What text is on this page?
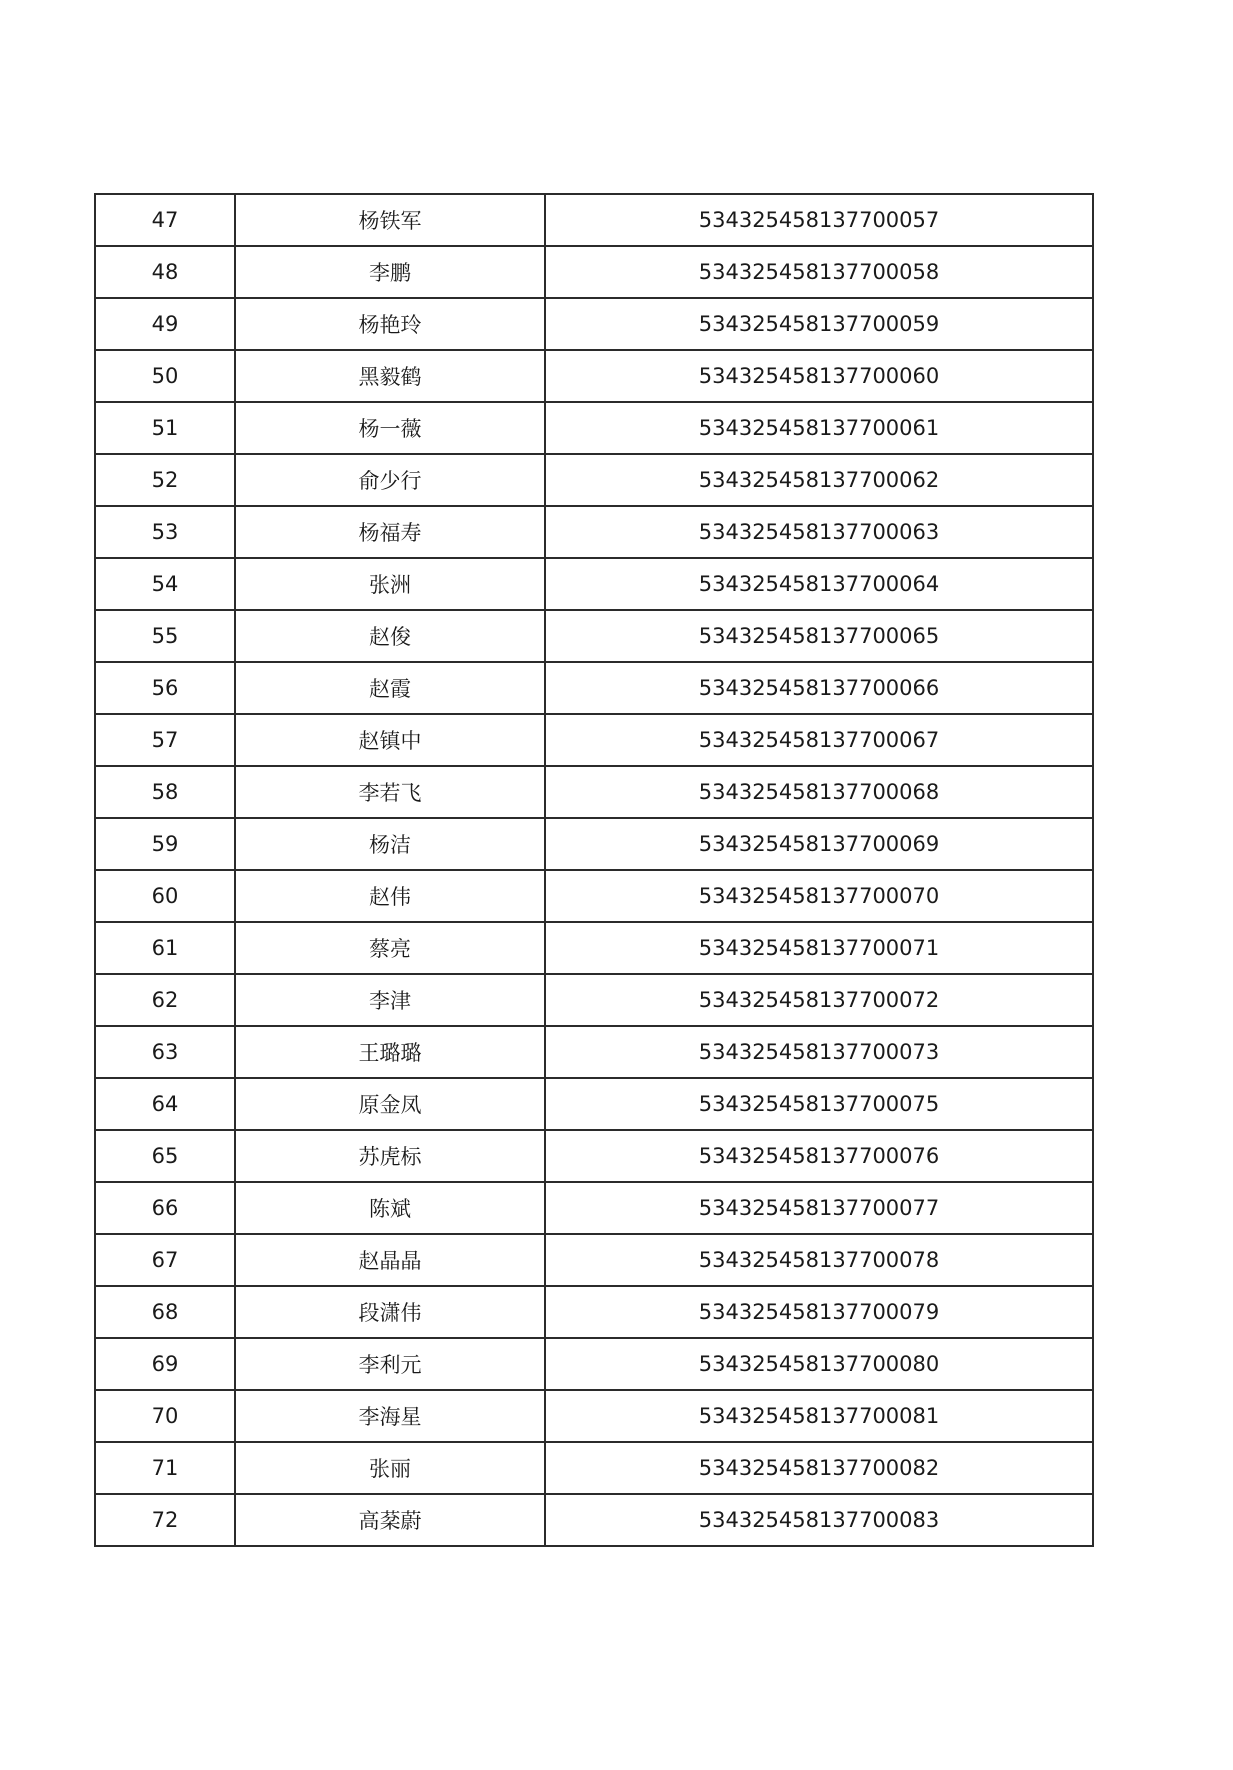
47	杨铁军	534325458137700057
48	李鹏	534325458137700058
49	杨艳玲	534325458137700059
50	黑毅鹤	534325458137700060
51	杨一薇	534325458137700061
52	俞少行	534325458137700062
53	杨福寿	534325458137700063
54	张洲	534325458137700064
55	赵俊	534325458137700065
56	赵霞	534325458137700066
57	赵镇中	534325458137700067
58	李若飞	534325458137700068
59	杨洁	534325458137700069
60	赵伟	534325458137700070
61	蔡亮	534325458137700071
62	李津	534325458137700072
63	王璐璐	534325458137700073
64	原金凤	534325458137700075
65	苏虎标	534325458137700076
66	陈斌	534325458137700077
67	赵晶晶	534325458137700078
68	段潇伟	534325458137700079
69	李利元	534325458137700080
70	李海星	534325458137700081
71	张丽	534325458137700082
72	高棻蔚	534325458137700083
